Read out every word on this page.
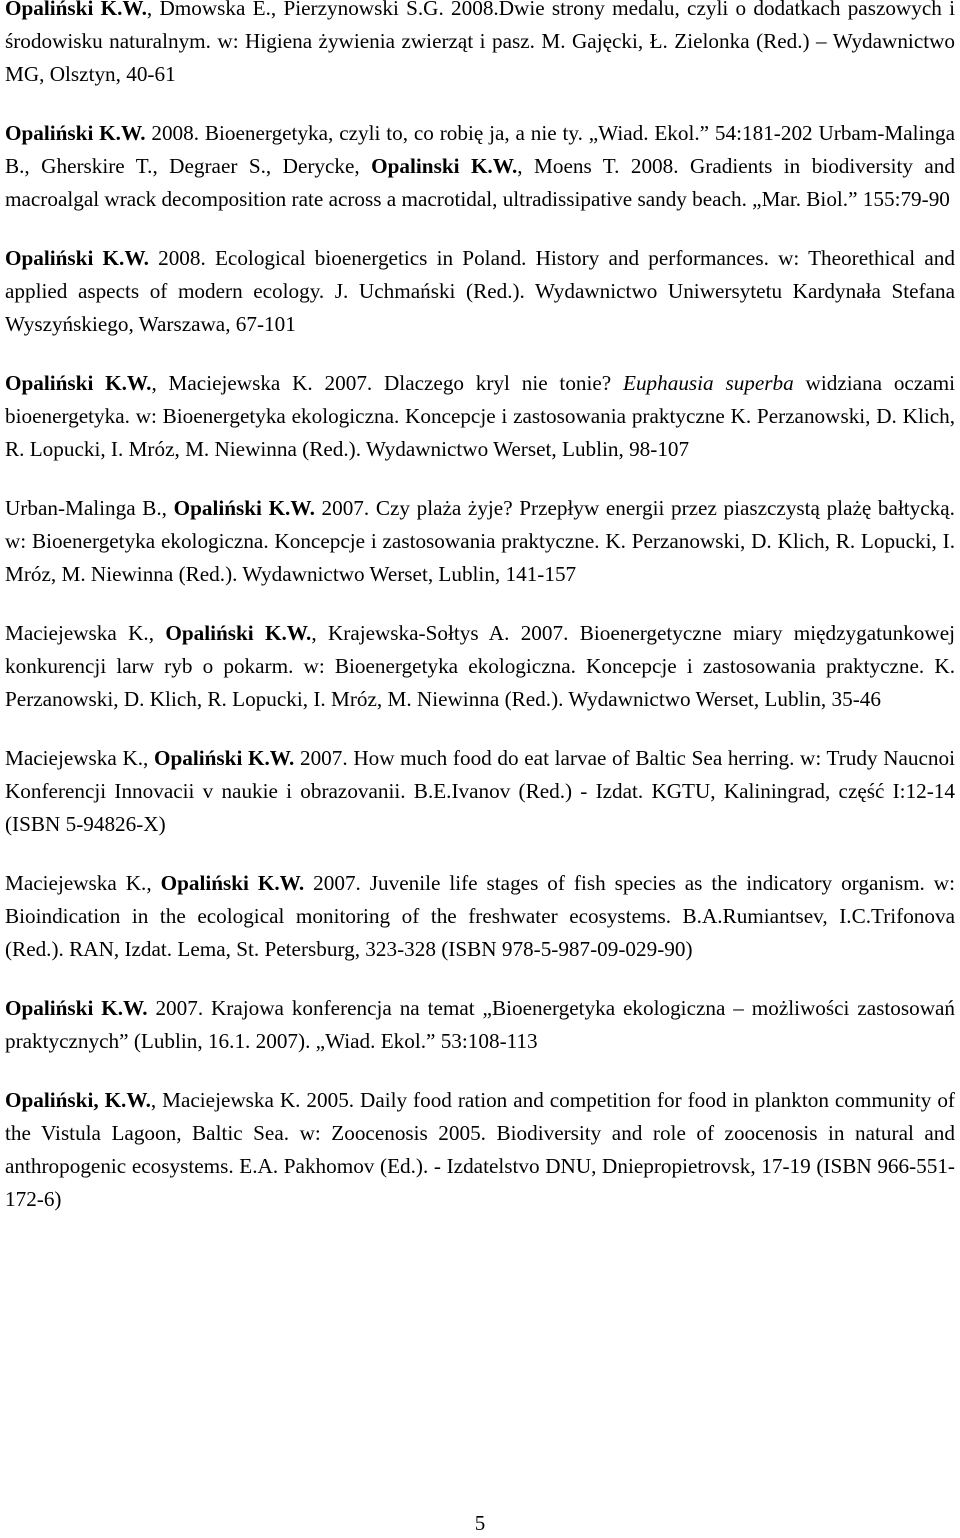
Opaliński K.W., Dmowska E., Pierzynowski S.G. 2008.Dwie strony medalu, czyli o dodatkach paszowych i środowisku naturalnym. w: Higiena żywienia zwierząt i pasz. M. Gajęcki, Ł. Zielonka (Red.) – Wydawnictwo MG, Olsztyn, 40-61

Opaliński K.W. 2008. Bioenergetyka, czyli to, co robię ja, a nie ty. „Wiad. Ekol.” 54:181-202 Urbam-Malinga B., Gherskire T., Degraer S., Derycke, Opalinski K.W., Moens T. 2008. Gradients in biodiversity and macroalgal wrack decomposition rate across a macrotidal, ultradissipative sandy beach. „Mar. Biol.” 155:79-90

Opaliński K.W. 2008. Ecological bioenergetics in Poland. History and performances. w: Theorethical and applied aspects of modern ecology. J. Uchmański (Red.). Wydawnictwo Uniwersytetu Kardynała Stefana Wyszyńskiego, Warszawa, 67-101

Opaliński K.W., Maciejewska K. 2007. Dlaczego kryl nie tonie? Euphausia superba widziana oczami bioenergetyka. w: Bioenergetyka ekologiczna. Koncepcje i zastosowania praktyczne K. Perzanowski, D. Klich, R. Lopucki, I. Mróz, M. Niewinna (Red.). Wydawnictwo Werset, Lublin, 98-107

Urban-Malinga B., Opaliński K.W. 2007. Czy plaża żyje? Przepływ energii przez piaszczystą plażę bałtycką. w: Bioenergetyka ekologiczna. Koncepcje i zastosowania praktyczne. K. Perzanowski, D. Klich, R. Lopucki, I. Mróz, M. Niewinna (Red.). Wydawnictwo Werset, Lublin, 141-157

Maciejewska K., Opaliński K.W., Krajewska-Sołtys A. 2007. Bioenergetyczne miary międzygatunkowej konkurencji larw ryb o pokarm. w: Bioenergetyka ekologiczna. Koncepcje i zastosowania praktyczne. K. Perzanowski, D. Klich, R. Lopucki, I. Mróz, M. Niewinna (Red.). Wydawnictwo Werset, Lublin, 35-46

Maciejewska K., Opaliński K.W. 2007. How much food do eat larvae of Baltic Sea herring. w: Trudy Naucnoi Konferencji Innovacii v naukie i obrazovanii. B.E.Ivanov (Red.) - Izdat. KGTU, Kaliningrad, część I:12-14 (ISBN 5-94826-X)

Maciejewska K., Opaliński K.W. 2007. Juvenile life stages of fish species as the indicatory organism. w: Bioindication in the ecological monitoring of the freshwater ecosystems. B.A.Rumiantsev, I.C.Trifonova (Red.). RAN, Izdat. Lema, St. Petersburg, 323-328 (ISBN 978-5-987-09-029-90)

Opaliński K.W. 2007. Krajowa konferencja na temat „Bioenergetyka ekologiczna – możliwości zastosowań praktycznych” (Lublin, 16.1. 2007). „Wiad. Ekol.” 53:108-113

Opaliński, K.W., Maciejewska K. 2005. Daily food ration and competition for food in plankton community of the Vistula Lagoon, Baltic Sea. w: Zoocenosis 2005. Biodiversity and role of zoocenosis in natural and anthropogenic ecosystems. E.A. Pakhomov (Ed.). - Izdatelstvo DNU, Dniepropietrovsk, 17-19 (ISBN 966-551-172-6)

5
